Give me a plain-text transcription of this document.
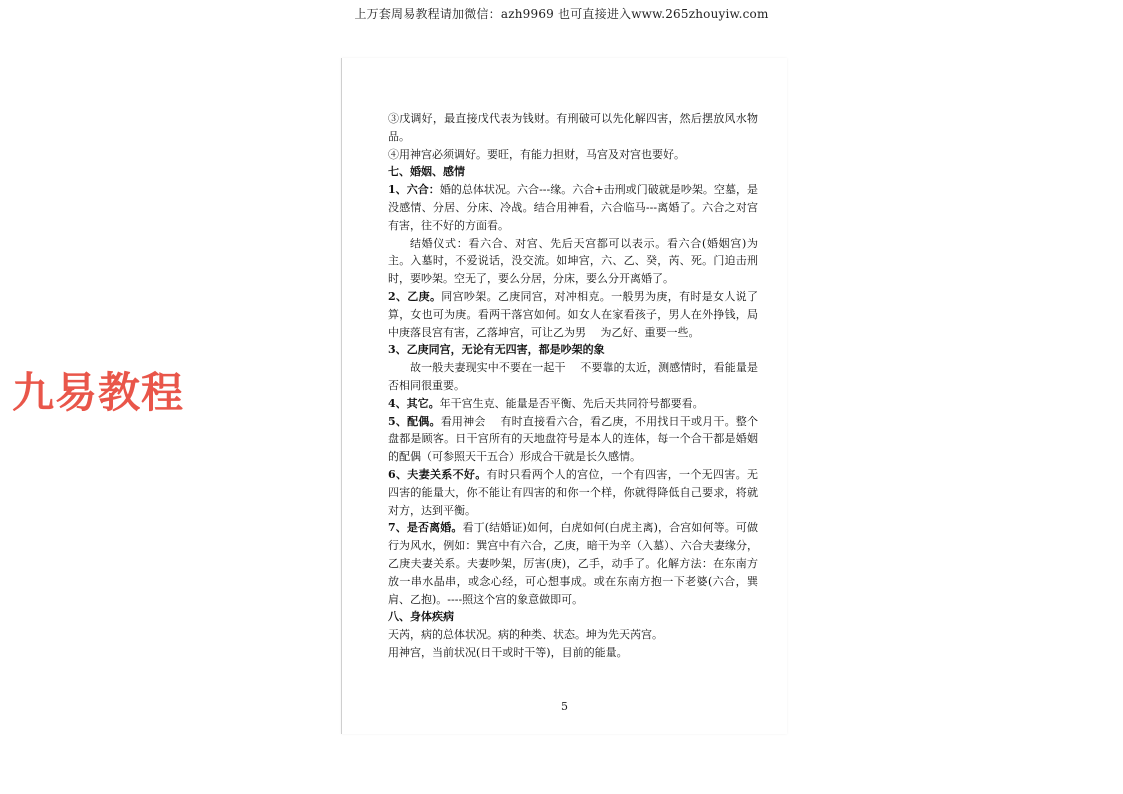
上万套周易教程请加微信：azh9969 也可直接进入www.265zhouyiw.com
九易教程

③戊调好，最直接戊代表为钱财。有刑破可以先化解四害，然后摆放风水物品。

④用神宫必须调好。要旺，有能力担财，马宫及对宫也要好。

七、婚姻、感情

1、六合：婚的总体状况。六合---缘。六合+击刑或门破就是吵架。空墓，是没感情、分居、分床、冷战。结合用神看，六合临马---离婚了。六合之对宫有害，往不好的方面看。

结婚仪式：看六合、对宫、先后天宫都可以表示。看六合(婚姻宫)为主。入墓时，不爱说话，没交流。如坤宫，六、乙、癸，芮、死。门迫击刑时，要吵架。空无了，要么分居，分床，要么分开离婚了。

2、乙庚。同宫吵架。乙庚同宫，对冲相克。一般男为庚，有时是女人说了算，女也可为庚。看两干落宫如何。如女人在家看孩子，男人在外挣钱，局中庚落艮宫有害，乙落坤宫，可让乙为男　 为乙好、重要一些。

3、乙庚同宫，无论有无四害，都是吵架的象

故一般夫妻现实中不要在一起干　 不要靠的太近，测感情时，看能量是否相同很重要。

4、其它。年干宫生克、能量是否平衡、先后天共同符号都要看。

5、配偶。看用神会　 有时直接看六合，看乙庚，不用找日干或月干。整个盘都是顾客。日干宫所有的天地盘符号是本人的连体，每一个合干都是婚姻的配偶（可参照天干五合）形成合干就是长久感情。

6、夫妻关系不好。有时只看两个人的宫位，一个有四害，一个无四害。无四害的能量大，你不能让有四害的和你一个样，你就得降低自己要求，将就对方，达到平衡。

7、是否离婚。看丁(结婚证)如何，白虎如何(白虎主离)，合宫如何等。可做行为风水，例如：巽宫中有六合，乙庚，暗干为辛（入墓）、六合夫妻缘分，乙庚夫妻关系。夫妻吵架，厉害(庚)，乙手，动手了。化解方法：在东南方放一串水晶串，或念心经，可心想事成。或在东南方抱一下老婆(六合，巽肩、乙抱)。----照这个宫的象意做即可。

八、身体疾病

天芮，病的总体状况。病的种类、状态。坤为先天芮宫。

用神宫，当前状况(日干或时干等)，目前的能量。

5
